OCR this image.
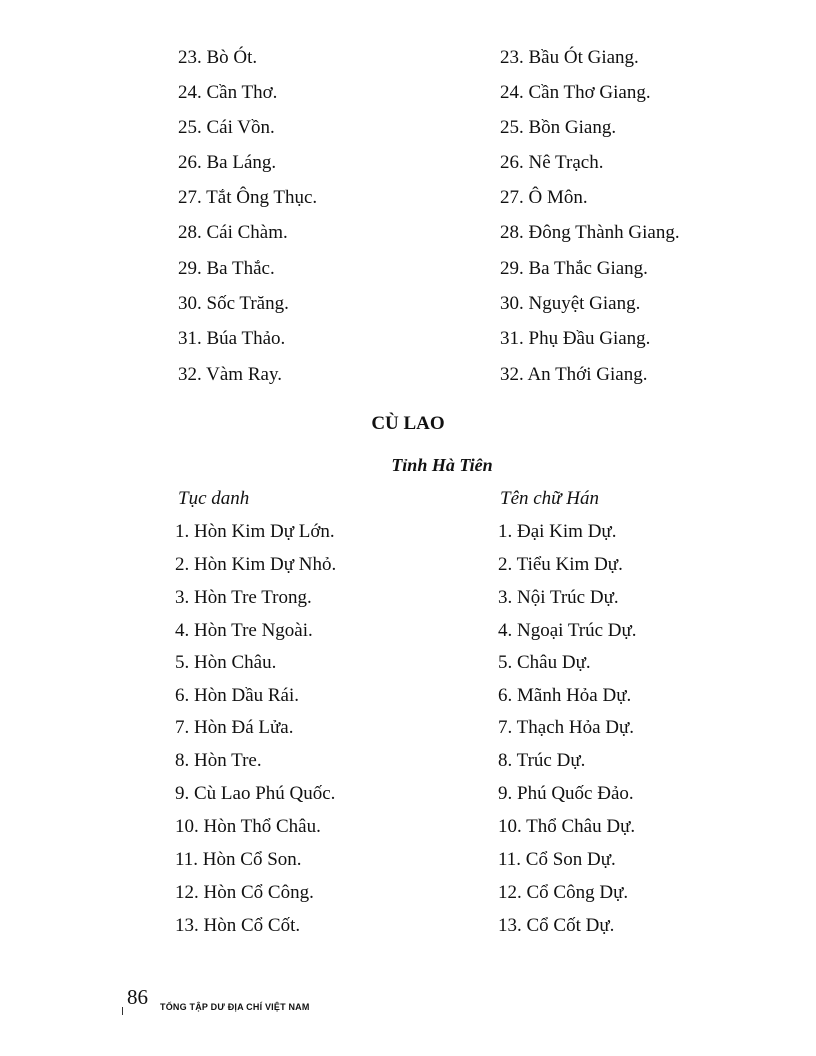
23. Bò Ót.
24. Cần Thơ.
25. Cái Vồn.
26. Ba Láng.
27. Tắt Ông Thục.
28. Cái Chàm.
29. Ba Thắc.
30. Sốc Trăng.
31. Búa Thảo.
32. Vàm Ray.
23. Bầu Ót Giang.
24. Cần Thơ Giang.
25. Bồn Giang.
26. Nê Trạch.
27. Ô Môn.
28. Đông Thành Giang.
29. Ba Thắc Giang.
30. Nguyệt Giang.
31. Phụ Đầu Giang.
32. An Thới Giang.
CÙ LAO
Tỉnh Hà Tiên
Tục danh	Tên chữ Hán
1. Hòn Kim Dự Lớn.
2. Hòn Kim Dự Nhỏ.
3. Hòn Tre Trong.
4. Hòn Tre Ngoài.
5. Hòn Châu.
6. Hòn Dầu Rái.
7. Hòn Đá Lửa.
8. Hòn Tre.
9. Cù Lao Phú Quốc.
10. Hòn Thổ Châu.
11. Hòn Cổ Son.
12. Hòn Cổ Công.
13. Hòn Cổ Cốt.
1. Đại Kim Dự.
2. Tiểu Kim Dự.
3. Nội Trúc Dự.
4. Ngoại Trúc Dự.
5. Châu Dự.
6. Mãnh Hỏa Dự.
7. Thạch Hỏa Dự.
8. Trúc Dự.
9. Phú Quốc Đảo.
10. Thổ Châu Dự.
11. Cổ Son Dự.
12. Cổ Công Dự.
13. Cổ Cốt Dự.
86 TỔNG TẬP DƯ ĐỊA CHÍ VIỆT NAM
